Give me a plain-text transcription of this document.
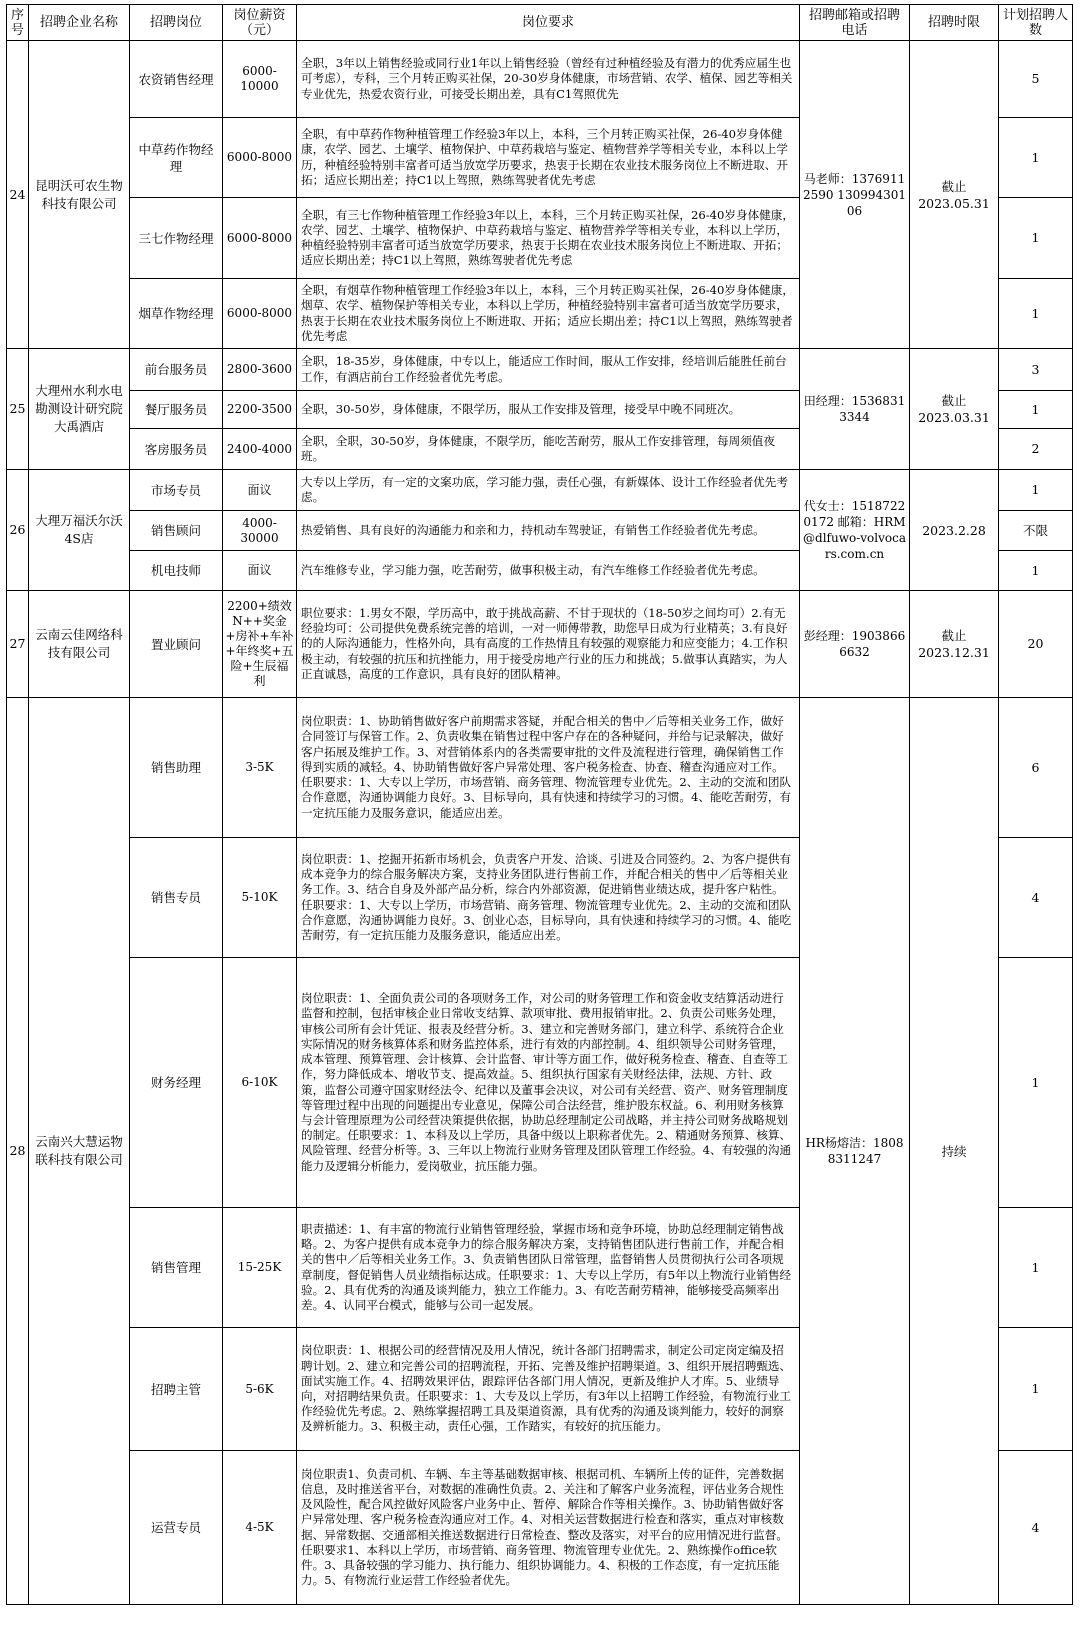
序号	招聘企业名称	招聘岗位	岗位薪资（元）	岗位要求	招聘邮箱或招聘电话	招聘时限	计划招聘人数
24	昆明沃可农生物科技有限公司	农资销售经理	6000-10000	全职，3年以上销售经验或同行业1年以上销售经验（曾经有过种植经验及有潜力的优秀应届生也可考虑），专科，三个月转正购买社保，20-30岁身体健康，市场营销、农学、植保、园艺等相关专业优先，热爱农资行业，可接受长期出差，具有C1驾照优先	马老师：13769112590 13099430106	截止2023.05.31	5
		中草药作物经理	6000-8000	全职，有中草药作物种植管理工作经验3年以上，本科，三个月转正购买社保，26-40岁身体健康，农学、园艺、土壤学、植物保护、中草药栽培与鉴定、植物营养学等相关专业，本科以上学历，种植经验特别丰富者可适当放宽学历要求，热衷于长期在农业技术服务岗位上不断进取、开拓；适应长期出差；持C1以上驾照，熟练驾驶者优先考虑			1
		三七作物经理	6000-8000	全职，有三七作物种植管理工作经验3年以上，本科，三个月转正购买社保，26-40岁身体健康，农学、园艺、土壤学、植物保护、中草药栽培与鉴定、植物营养学等相关专业，本科以上学历，种植经验特别丰富者可适当放宽学历要求，热衷于长期在农业技术服务岗位上不断进取、开拓；适应长期出差；持C1以上驾照，熟练驾驶者优先考虑			1
		烟草作物经理	6000-8000	全职，有烟草作物种植管理工作经验3年以上，本科，三个月转正购买社保，26-40岁身体健康，烟草、农学、植物保护等相关专业，本科以上学历，种植经验特别丰富者可适当放宽学历要求，热衷于长期在农业技术服务岗位上不断进取、开拓；适应长期出差；持C1以上驾照，熟练驾驶者优先考虑			1
25	大理州水利水电勘测设计研究院大禹酒店	前台服务员	2800-3600	全职，18-35岁，身体健康，中专以上，能适应工作时间，服从工作安排，经培训后能胜任前台工作，有酒店前台工作经验者优先考虑。	田经理：15368313344	截止2023.03.31	3
		餐厅服务员	2200-3500	全职，30-50岁，身体健康，不限学历，服从工作安排及管理，接受早中晚不同班次。			1
		客房服务员	2400-4000	全职，全职，30-50岁，身体健康，不限学历，能吃苦耐劳，服从工作安排管理，每周须值夜班。			2
26	大理万福沃尔沃4S店	市场专员	面议	大专以上学历，有一定的文案功底，学习能力强，责任心强，有新媒体、设计工作经验者优先考虑。	代女士：15187220172 邮箱：HRM@dlfuwo-volvocars.com.cn	2023.2.28	1
		销售顾问	4000-30000	热爱销售、具有良好的沟通能力和亲和力，持机动车驾驶证，有销售工作经验者优先考虑。			不限
		机电技师	面议	汽车维修专业，学习能力强，吃苦耐劳，做事积极主动，有汽车维修工作经验者优先考虑。			1
27	云南云佳网络科技有限公司	置业顾问	2200+绩效N++奖金+房补+车补+年终奖+五险+生辰福利	职位要求：1.男女不限，学历高中，敢于挑战高薪、不甘于现状的（18-50岁之间均可）2.有无经验均可：公司提供免费系统完善的培训，一对一师傅带教，助您早日成为行业精英；3.有良好的的人际沟通能力，性格外向，具有高度的工作热情且有较强的观察能力和应变能力；4.工作积极主动，有较强的抗压和抗挫能力，用于接受房地产行业的压力和挑战；5.做事认真踏实，为人正直诚恳，高度的工作意识，具有良好的团队精神。	彭经理：19038666632	截止2023.12.31	20
28	云南兴大慧运物联科技有限公司	销售助理	3-5K	岗位职责：1、协助销售做好客户前期需求答疑，并配合相关的售中／后等相关业务工作，做好合同签订与保管工作。2、负责收集在销售过程中客户存在的各种疑问，并给与记录解决，做好客户拓展及维护工作。3、对营销体系内的各类需要审批的文件及流程进行管理，确保销售工作得到实质的减轻。4、协助销售做好客户异常处理、客户税务检查、协查、稽查沟通应对工作。任职要求：1、大专以上学历，市场营销、商务管理、物流管理专业优先。2、主动的交流和团队合作意愿，沟通协调能力良好。3、目标导向，具有快速和持续学习的习惯。4、能吃苦耐劳，有一定抗压能力及服务意识，能适应出差。	HR杨熔洁：18088311247	持续	6
		销售专员	5-10K	岗位职责：1、挖掘开拓新市场机会，负责客户开发、洽谈、引进及合同签约。2、为客户提供有成本竞争力的综合服务解决方案，支持业务团队进行售前工作，并配合相关的售中／后等相关业务工作。3、结合自身及外部产品分析，综合内外部资源，促进销售业绩达成，提升客户粘性。任职要求：1、大专以上学历，市场营销、商务管理、物流管理专业优先。2、主动的交流和团队合作意愿，沟通协调能力良好。3、创业心态，目标导向，具有快速和持续学习的习惯。4、能吃苦耐劳，有一定抗压能力及服务意识，能适应出差。			4
		财务经理	6-10K	岗位职责：1、全面负责公司的各项财务工作，对公司的财务管理工作和资金收支结算活动进行监督和控制，包括审核企业日常收支结算、款项审批、费用报销审批。2、负责公司账务处理，审核公司所有会计凭证、报表及经营分析。3、建立和完善财务部门，建立科学、系统符合企业实际情况的财务核算体系和财务监控体系，进行有效的内部控制。4、组织领导公司财务管理，成本管理、预算管理、会计核算、会计监督、审计等方面工作，做好税务检查、稽查、自查等工作，努力降低成本、增收节支、提高效益。5、组织执行国家有关财经法律，法规、方针、政策，监督公司遵守国家财经法令、纪律以及董事会决议，对公司有关经营、资产、财务管理制度等管理过程中出现的问题提出专业意见，保障公司合法经营，维护股东权益。6、利用财务核算与会计管理原理为公司经营决策提供依据，协助总经理制定公司战略，并主持公司财务战略规划的制定。任职要求：1、本科及以上学历，具备中级以上职称者优先。2、精通财务预算、核算、风险管理、经营分析等。3、三年以上物流行业财务管理及团队管理工作经验。4、有较强的沟通能力及逻辑分析能力，爱岗敬业，抗压能力强。			1
		销售管理	15-25K	职责描述：1、有丰富的物流行业销售管理经验，掌握市场和竞争环境，协助总经理制定销售战略。2、为客户提供有成本竞争力的综合服务解决方案，支持销售团队进行售前工作，并配合相关的售中／后等相关业务工作。3、负责销售团队日常管理，监督销售人员贯彻执行公司各项规章制度，督促销售人员业绩指标达成。任职要求：1、大专以上学历，有5年以上物流行业销售经验。2、具有优秀的沟通及谈判能力，独立工作能力。3、有吃苦耐劳精神，能够接受高频率出差。4、认同平台模式，能够与公司一起发展。			1
		招聘主管	5-6K	岗位职责：1、根据公司的经营情况及用人情况，统计各部门招聘需求，制定公司定岗定编及招聘计划。2、建立和完善公司的招聘流程，开拓、完善及维护招聘渠道。3、组织开展招聘甄选、面试实施工作。4、招聘效果评估，跟踪评估各部门用人情况，更新及维护人才库。5、业绩导向，对招聘结果负责。任职要求：1、大专及以上学历，有3年以上招聘工作经验，有物流行业工作经验优先考虑。2、熟练掌握招聘工具及渠道资源，具有优秀的沟通及谈判能力，较好的洞察及辨析能力。3、积极主动，责任心强，工作踏实，有较好的抗压能力。			1
		运营专员	4-5K	岗位职责1、负责司机、车辆、车主等基础数据审核、根据司机、车辆所上传的证件，完善数据信息，及时推送省平台，对数据的准确性负责。2、关注和了解客户业务流程，评估业务合规性及风险性，配合风控做好风险客户业务中止、暂停、解除合作等相关操作。3、协助销售做好客户异常处理、客户税务检查沟通应对工作。4、对相关运营数据进行检查和落实，重点对审核数据、异常数据、交通部相关推送数据进行日常检查、整改及落实，对平台的应用情况进行监督。任职要求1、本科以上学历，市场营销、商务管理、物流管理专业优先。2、熟练操作office软件。3、具备较强的学习能力、执行能力、组织协调能力。4、积极的工作态度，有一定抗压能力。5、有物流行业运营工作经验者优先。			4
